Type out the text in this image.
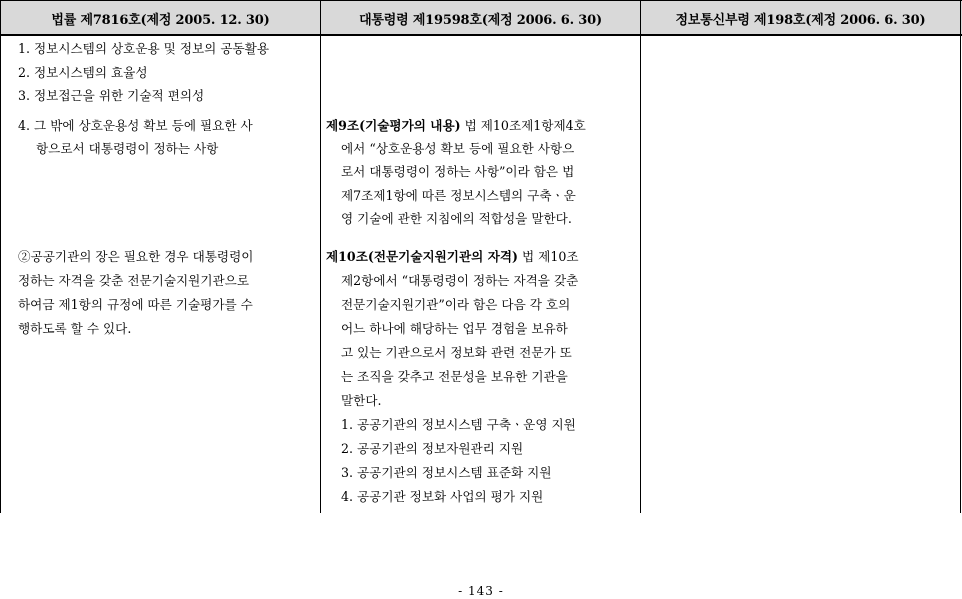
법률 제7816호(제정 2005. 12. 30)	대통령령 제19598호(제정 2006. 6. 30)	정보통신부령 제198호(제정 2006. 6. 30)
1. 정보시스템의 상호운용 및 정보의 공동활용
2. 정보시스템의 효율성
3. 정보접근을 위한 기술적 편의성
4. 그 밖에 상호운용성 확보 등에 필요한 사
항으로서 대통령령이 정하는 사항
②공공기관의 장은 필요한 경우 대통령령이
정하는 자격을 갖춘 전문기술지원기관으로
하여금 제1항의 규정에 따른 기술평가를 수
행하도록 할 수 있다.
제9조(기술평가의 내용) 법 제10조제1항제4호
에서 “상호운용성 확보 등에 필요한 사항으
로서 대통령령이 정하는 사항”이라 함은 법
제7조제1항에 따른 정보시스템의 구축ㆍ운
영 기술에 관한 지침에의 적합성을 말한다.
제10조(전문기술지원기관의 자격) 법 제10조
제2항에서 “대통령령이 정하는 자격을 갖춘
전문기술지원기관”이라 함은 다음 각 호의
어느 하나에 해당하는 업무 경험을 보유하
고 있는 기관으로서 정보화 관련 전문가 또
는 조직을 갖추고 전문성을 보유한 기관을
말한다.
1. 공공기관의 정보시스템 구축ㆍ운영 지원
2. 공공기관의 정보자원관리 지원
3. 공공기관의 정보시스템 표준화 지원
4. 공공기관 정보화 사업의 평가 지원
- 143 -
